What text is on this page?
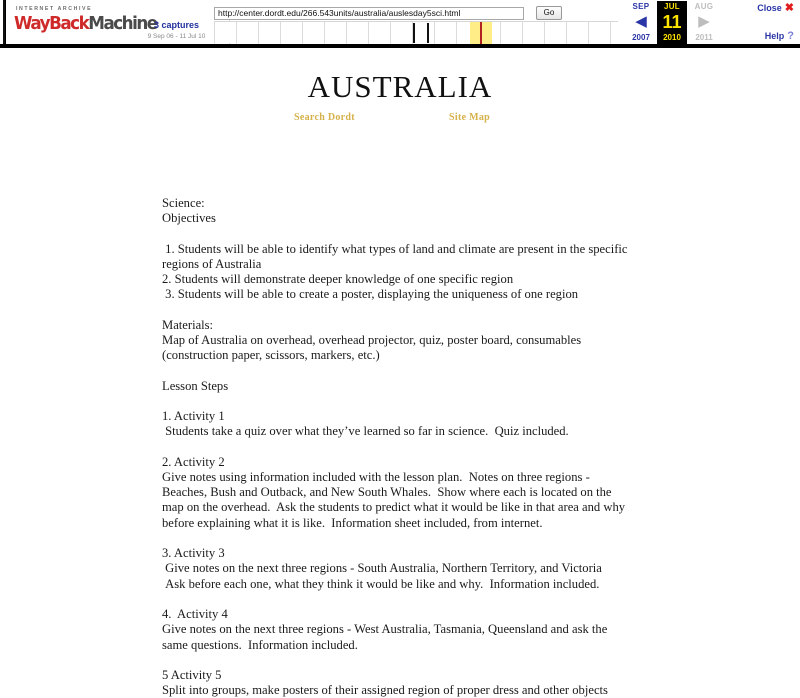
INTERNET ARCHIVE
WayBackMachine
3 captures
9 Sep 06 - 11 Jul 10
http://center.dordt.edu/266.543units/australia/auslesday5sci.html Go
SEP
◀
2007
JUL
11
2010
AUG
▶
2011
Close ✖
Help ?
AUSTRALIA
Search Dordt	Site Map

Science:
Objectives

1. Students will be able to identify what types of land and climate are present in the specific
regions of Australia
2. Students will demonstrate deeper knowledge of one specific region
3. Students will be able to create a poster, displaying the uniqueness of one region

Materials:
Map of Australia on overhead, overhead projector, quiz, poster board, consumables
(construction paper, scissors, markers, etc.)

Lesson Steps

1. Activity 1
Students take a quiz over what they’ve learned so far in science.  Quiz included.

2. Activity 2
Give notes using information included with the lesson plan.  Notes on three regions -
Beaches, Bush and Outback, and New South Whales.  Show where each is located on the
map on the overhead.  Ask the students to predict what it would be like in that area and why
before explaining what it is like.  Information sheet included, from internet.

3. Activity 3
Give notes on the next three regions - South Australia, Northern Territory, and Victoria
Ask before each one, what they think it would be like and why.  Information included.

4.  Activity 4
Give notes on the next three regions - West Australia, Tasmania, Queensland and ask the
same questions.  Information included.

5 Activity 5
Split into groups, make posters of their assigned region of proper dress and other objects
